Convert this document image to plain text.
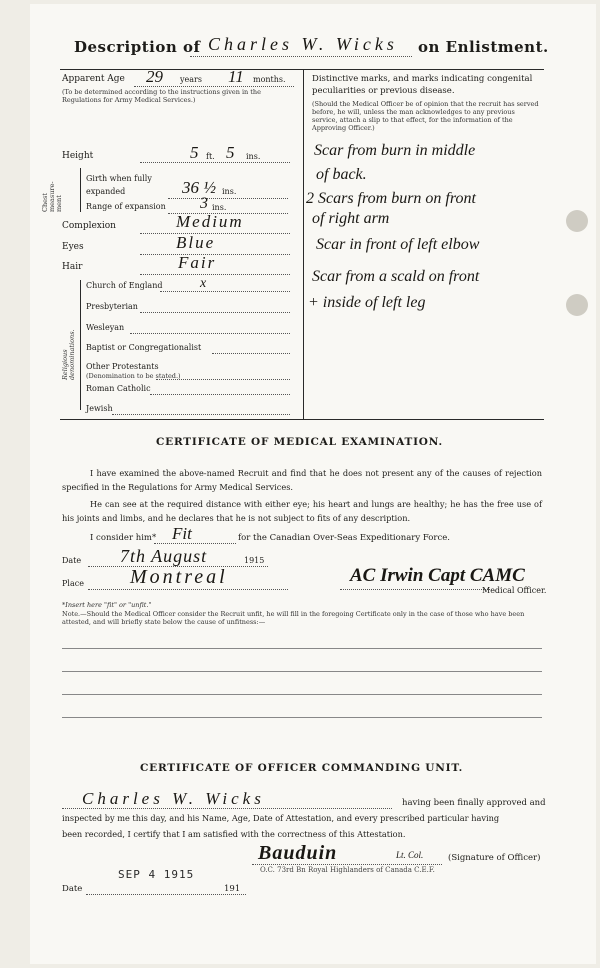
Description of Charles W. Wicks on Enlistment.
Apparent Age 29 years 11 months.
(To be determined according to the instructions given in the Regulations for Army Medical Services.)
Height	5 ft. 5 ins.
Chest measure-ment
Girth when fully expanded	36 ½ ins.
Range of expansion 3 ins.
Complexion	Medium
Eyes	Blue
Hair	Fair
Religious denominations.
Church of England	x
Presbyterian
Wesleyan
Baptist or Congregationalist
Other Protestants
(Denomination to be stated.)
Roman Catholic
Jewish
Distinctive marks, and marks indicating congenital peculiarities or previous disease.
(Should the Medical Officer be of opinion that the recruit has served before, he will, unless the man acknowledges to any previous service, attach a slip to that effect, for the information of the Approving Officer.)
Scar from burn in middle
of back.
2 Scars from burn on front
of right arm
Scar in front of left elbow
Scar from a scald on front
+ inside of left leg
CERTIFICATE OF MEDICAL EXAMINATION.
I have examined the above-named Recruit and find that he does not present any of the causes of rejection specified in the Regulations for Army Medical Services.
He can see at the required distance with either eye; his heart and lungs are healthy; he has the free use of his joints and limbs, and he declares that he is not subject to fits of any description.
I consider him* Fit	for the Canadian Over-Seas Expeditionary Force.
Date 7th August	1915
Place Montreal	AC Irwin Capt CAMC
Medical Officer.
*Insert here "fit" or "unfit."
Note.—Should the Medical Officer consider the Recruit unfit, he will fill in the foregoing Certificate only in the case of those who have been attested, and will briefly state below the cause of unfitness:—
CERTIFICATE OF OFFICER COMMANDING UNIT.
Charles W. Wicks	having been finally approved and
inspected by me this day, and his Name, Age, Date of Attestation, and every prescribed particular having
been recorded, I certify that I am satisfied with the correctness of this Attestation.
Bauduin	Lt. Col.	(Signature of Officer)
O.C. 73rd Bn Royal Highlanders of Canada C.E.F.
Date
SEP 4 1915
191
